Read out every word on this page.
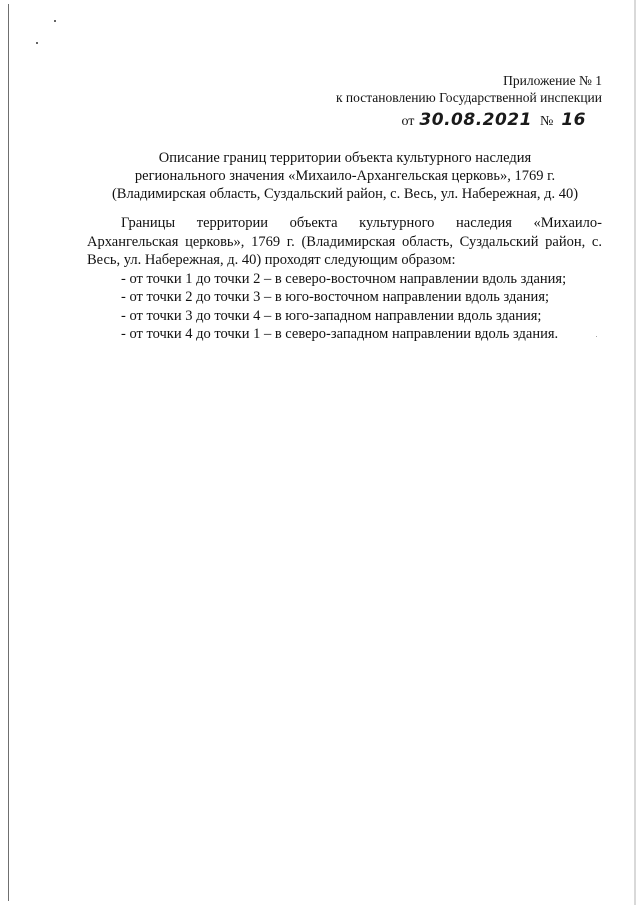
Приложение № 1
к постановлению Государственной инспекции
от 30.08.2021 № 16
Описание границ территории объекта культурного наследия
регионального значения «Михаило-Архангельская церковь», 1769 г.
(Владимирская область, Суздальский район, с. Весь, ул. Набережная, д. 40)

Границы территории объекта культурного наследия «Михаило-Архангельская церковь», 1769 г. (Владимирская область, Суздальский район, с. Весь, ул. Набережная, д. 40) проходят следующим образом:

- от точки 1 до точки 2 – в северо-восточном направлении вдоль здания;
- от точки 2 до точки 3 – в юго-восточном направлении вдоль здания;
- от точки 3 до точки 4 – в юго-западном направлении вдоль здания;
- от точки 4 до точки 1 – в северо-западном направлении вдоль здания.
